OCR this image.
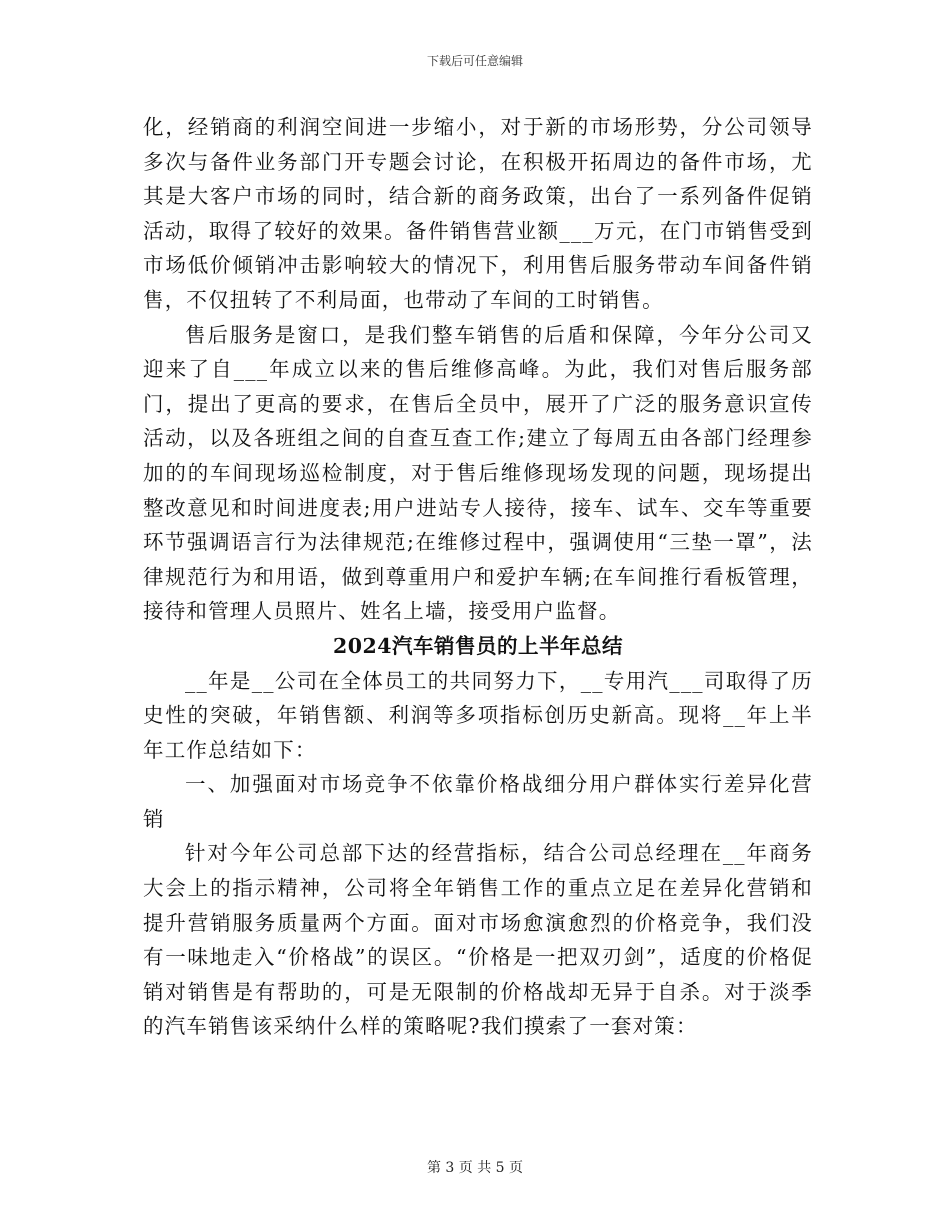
下载后可任意编辑

化，经销商的利润空间进一步缩小，对于新的市场形势，分公司领导多次与备件业务部门开专题会讨论，在积极开拓周边的备件市场，尤其是大客户市场的同时，结合新的商务政策，出台了一系列备件促销活动，取得了较好的效果。备件销售营业额___万元，在门市销售受到市场低价倾销冲击影响较大的情况下，利用售后服务带动车间备件销售，不仅扭转了不利局面，也带动了车间的工时销售。

售后服务是窗口，是我们整车销售的后盾和保障，今年分公司又迎来了自___年成立以来的售后维修高峰。为此，我们对售后服务部门，提出了更高的要求，在售后全员中，展开了广泛的服务意识宣传活动，以及各班组之间的自查互查工作;建立了每周五由各部门经理参加的的车间现场巡检制度，对于售后维修现场发现的问题，现场提出整改意见和时间进度表;用户进站专人接待，接车、试车、交车等重要环节强调语言行为法律规范;在维修过程中，强调使用“三垫一罩”，法律规范行为和用语，做到尊重用户和爱护车辆;在车间推行看板管理，接待和管理人员照片、姓名上墙，接受用户监督。

2024汽车销售员的上半年总结

__年是__公司在全体员工的共同努力下，__专用汽___司取得了历史性的突破，年销售额、利润等多项指标创历史新高。现将__年上半年工作总结如下：

一、加强面对市场竞争不依靠价格战细分用户群体实行差异化营销

针对今年公司总部下达的经营指标，结合公司总经理在__年商务大会上的指示精神，公司将全年销售工作的重点立足在差异化营销和提升营销服务质量两个方面。面对市场愈演愈烈的价格竞争，我们没有一味地走入“价格战”的误区。“价格是一把双刃剑”，适度的价格促销对销售是有帮助的，可是无限制的价格战却无异于自杀。对于淡季的汽车销售该采纳什么样的策略呢?我们摸索了一套对策：

第 3 页 共 5 页
